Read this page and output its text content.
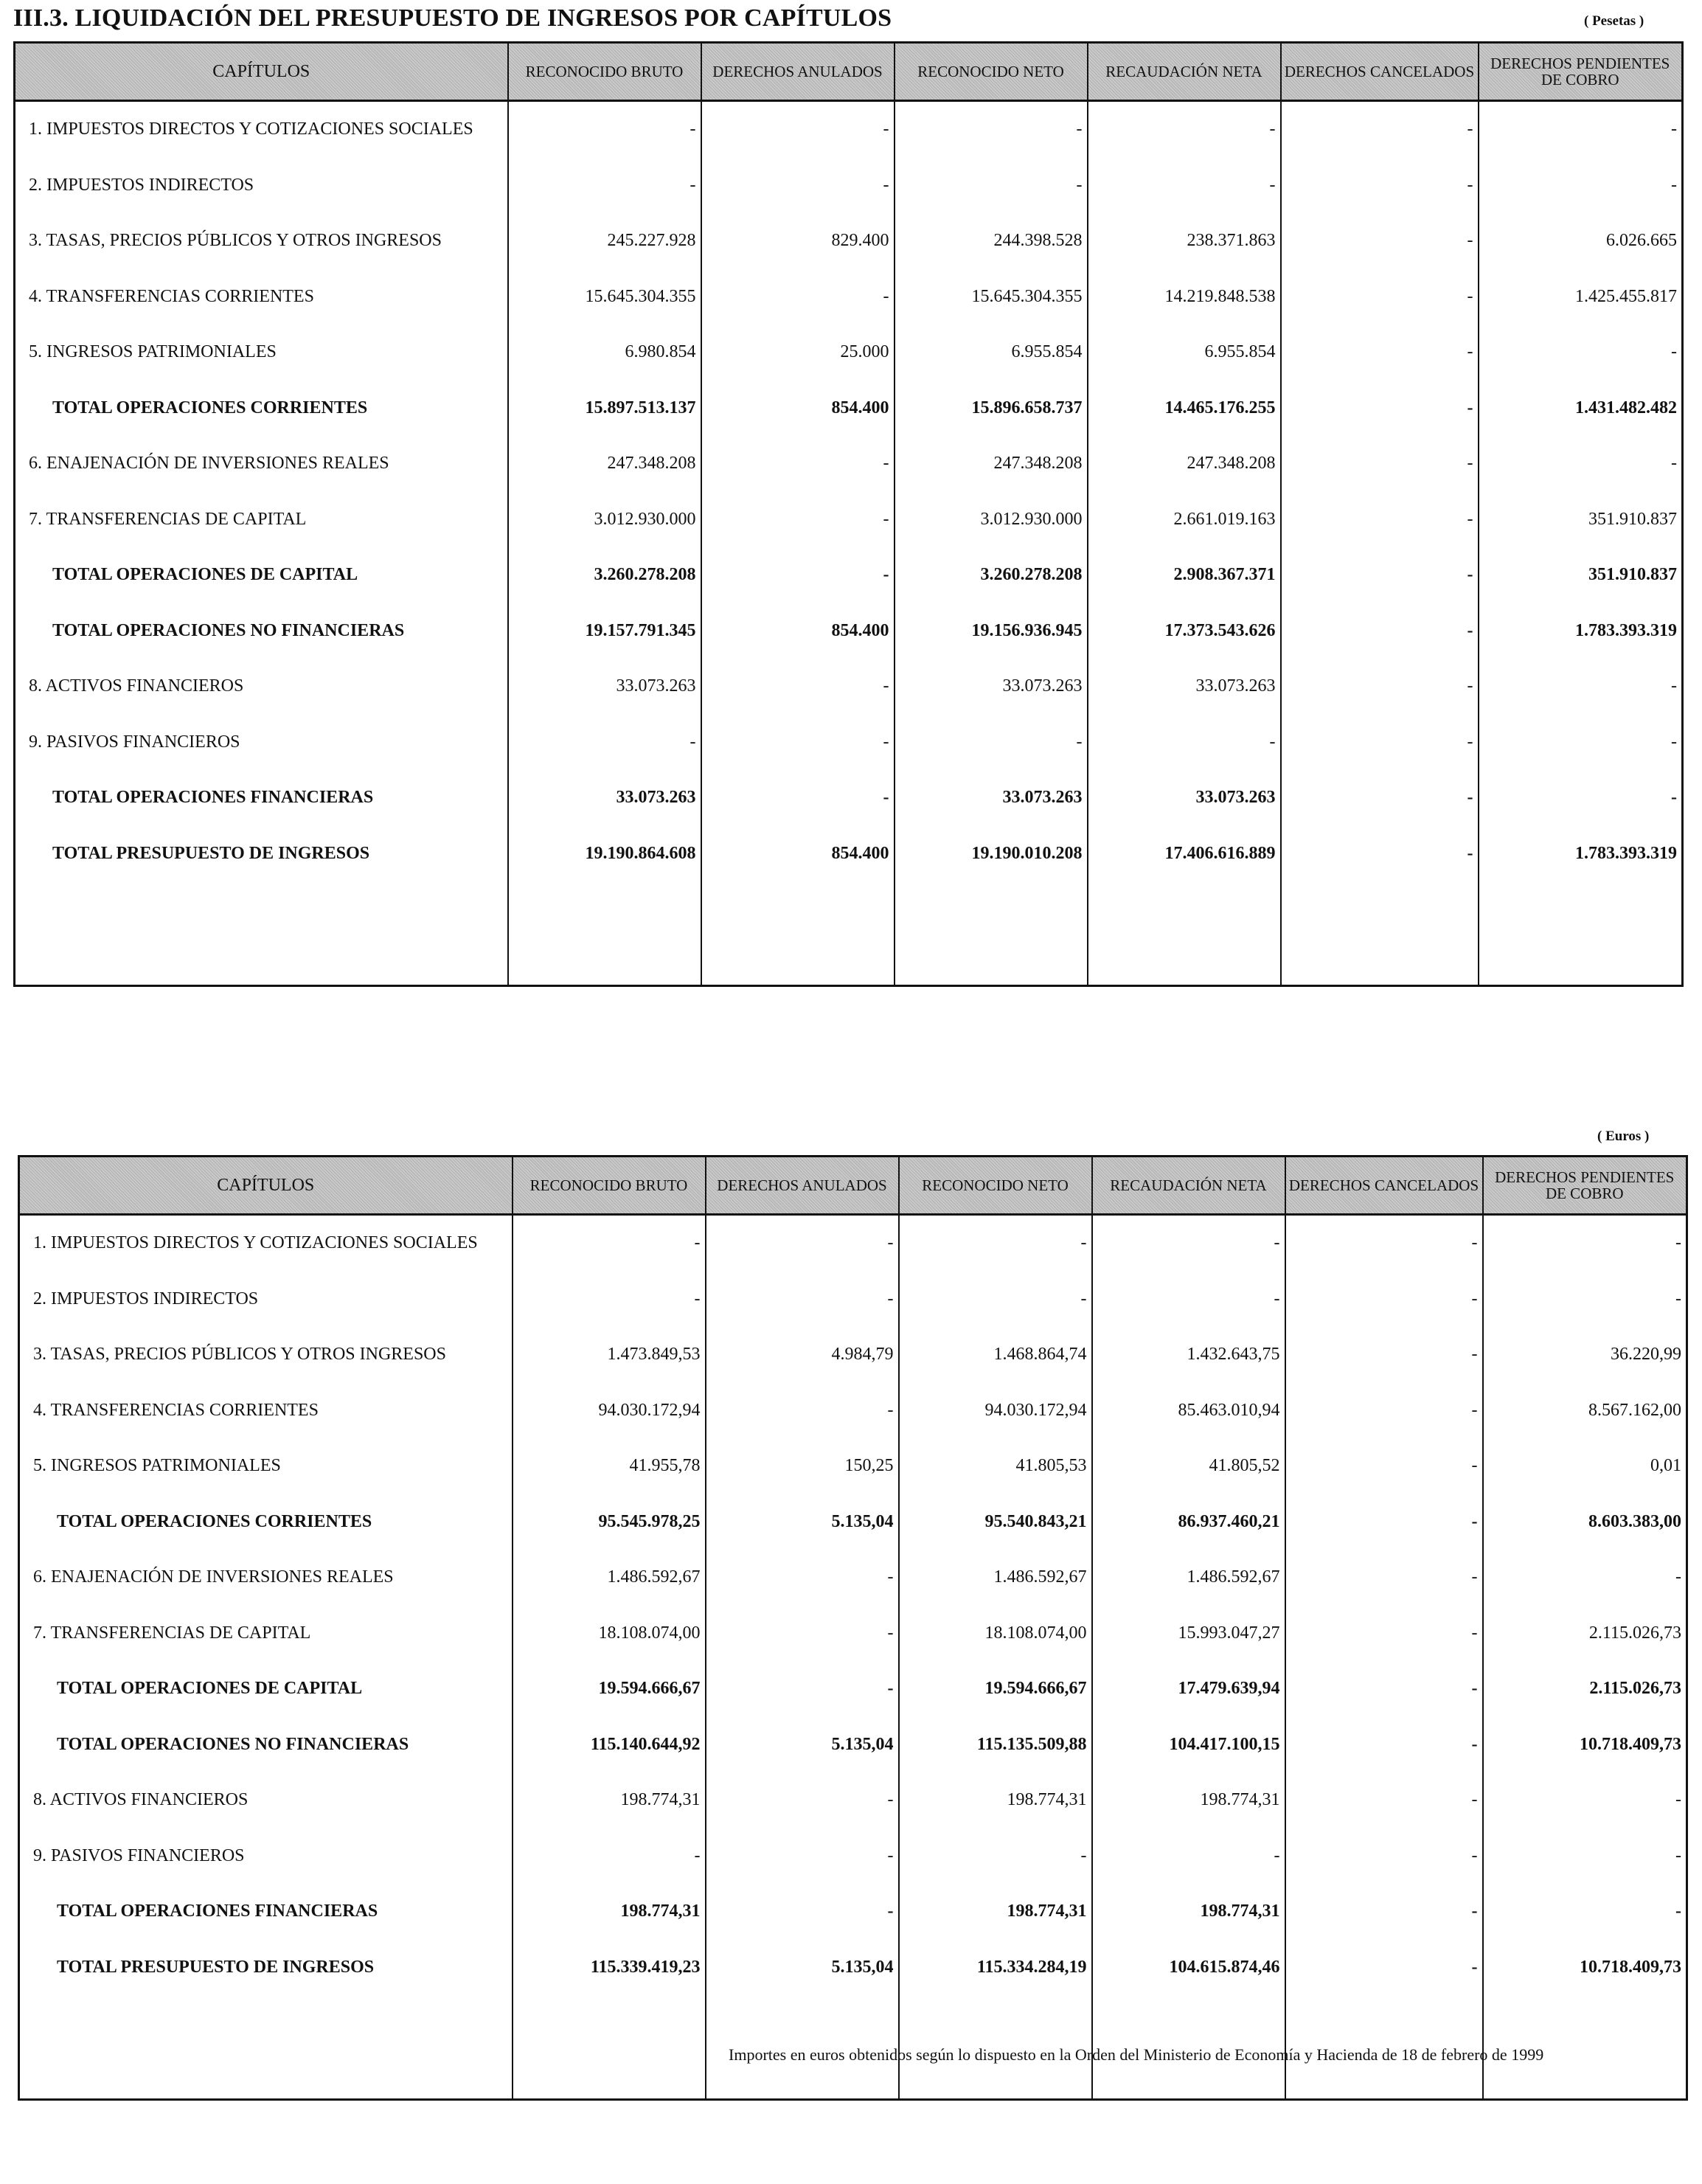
III.3. LIQUIDACIÓN DEL PRESUPUESTO DE INGRESOS POR CAPÍTULOS	( Pesetas )
CAPÍTULOS	RECONOCIDO BRUTO	DERECHOS ANULADOS	RECONOCIDO NETO	RECAUDACIÓN NETA	DERECHOS CANCELADOS	DERECHOS PENDIENTES DE COBRO
1. IMPUESTOS DIRECTOS Y COTIZACIONES SOCIALES	-	-	-	-	-	-
2. IMPUESTOS INDIRECTOS	-	-	-	-	-	-
3. TASAS, PRECIOS PÚBLICOS Y OTROS INGRESOS	245.227.928	829.400	244.398.528	238.371.863	-	6.026.665
4. TRANSFERENCIAS CORRIENTES	15.645.304.355	-	15.645.304.355	14.219.848.538	-	1.425.455.817
5. INGRESOS PATRIMONIALES	6.980.854	25.000	6.955.854	6.955.854	-	-
TOTAL OPERACIONES CORRIENTES	15.897.513.137	854.400	15.896.658.737	14.465.176.255	-	1.431.482.482
6. ENAJENACIÓN DE INVERSIONES REALES	247.348.208	-	247.348.208	247.348.208	-	-
7. TRANSFERENCIAS DE CAPITAL	3.012.930.000	-	3.012.930.000	2.661.019.163	-	351.910.837
TOTAL OPERACIONES DE CAPITAL	3.260.278.208	-	3.260.278.208	2.908.367.371	-	351.910.837
TOTAL OPERACIONES NO FINANCIERAS	19.157.791.345	854.400	19.156.936.945	17.373.543.626	-	1.783.393.319
8. ACTIVOS FINANCIEROS	33.073.263	-	33.073.263	33.073.263	-	-
9. PASIVOS FINANCIEROS	-	-	-	-	-	-
TOTAL OPERACIONES FINANCIERAS	33.073.263	-	33.073.263	33.073.263	-	-
TOTAL PRESUPUESTO DE INGRESOS	19.190.864.608	854.400	19.190.010.208	17.406.616.889	-	1.783.393.319

( Euros )
CAPÍTULOS	RECONOCIDO BRUTO	DERECHOS ANULADOS	RECONOCIDO NETO	RECAUDACIÓN NETA	DERECHOS CANCELADOS	DERECHOS PENDIENTES DE COBRO
1. IMPUESTOS DIRECTOS Y COTIZACIONES SOCIALES	-	-	-	-	-	-
2. IMPUESTOS INDIRECTOS	-	-	-	-	-	-
3. TASAS, PRECIOS PÚBLICOS Y OTROS INGRESOS	1.473.849,53	4.984,79	1.468.864,74	1.432.643,75	-	36.220,99
4. TRANSFERENCIAS CORRIENTES	94.030.172,94	-	94.030.172,94	85.463.010,94	-	8.567.162,00
5. INGRESOS PATRIMONIALES	41.955,78	150,25	41.805,53	41.805,52	-	0,01
TOTAL OPERACIONES CORRIENTES	95.545.978,25	5.135,04	95.540.843,21	86.937.460,21	-	8.603.383,00
6. ENAJENACIÓN DE INVERSIONES REALES	1.486.592,67	-	1.486.592,67	1.486.592,67	-	-
7. TRANSFERENCIAS DE CAPITAL	18.108.074,00	-	18.108.074,00	15.993.047,27	-	2.115.026,73
TOTAL OPERACIONES DE CAPITAL	19.594.666,67	-	19.594.666,67	17.479.639,94	-	2.115.026,73
TOTAL OPERACIONES NO FINANCIERAS	115.140.644,92	5.135,04	115.135.509,88	104.417.100,15	-	10.718.409,73
8. ACTIVOS FINANCIEROS	198.774,31	-	198.774,31	198.774,31	-	-
9. PASIVOS FINANCIEROS	-	-	-	-	-	-
TOTAL OPERACIONES FINANCIERAS	198.774,31	-	198.774,31	198.774,31	-	-
TOTAL PRESUPUESTO DE INGRESOS	115.339.419,23	5.135,04	115.334.284,19	104.615.874,46	-	10.718.409,73

Importes en euros obtenidos según lo dispuesto en la Orden del Ministerio de Economía y Hacienda de 18 de febrero de 1999
